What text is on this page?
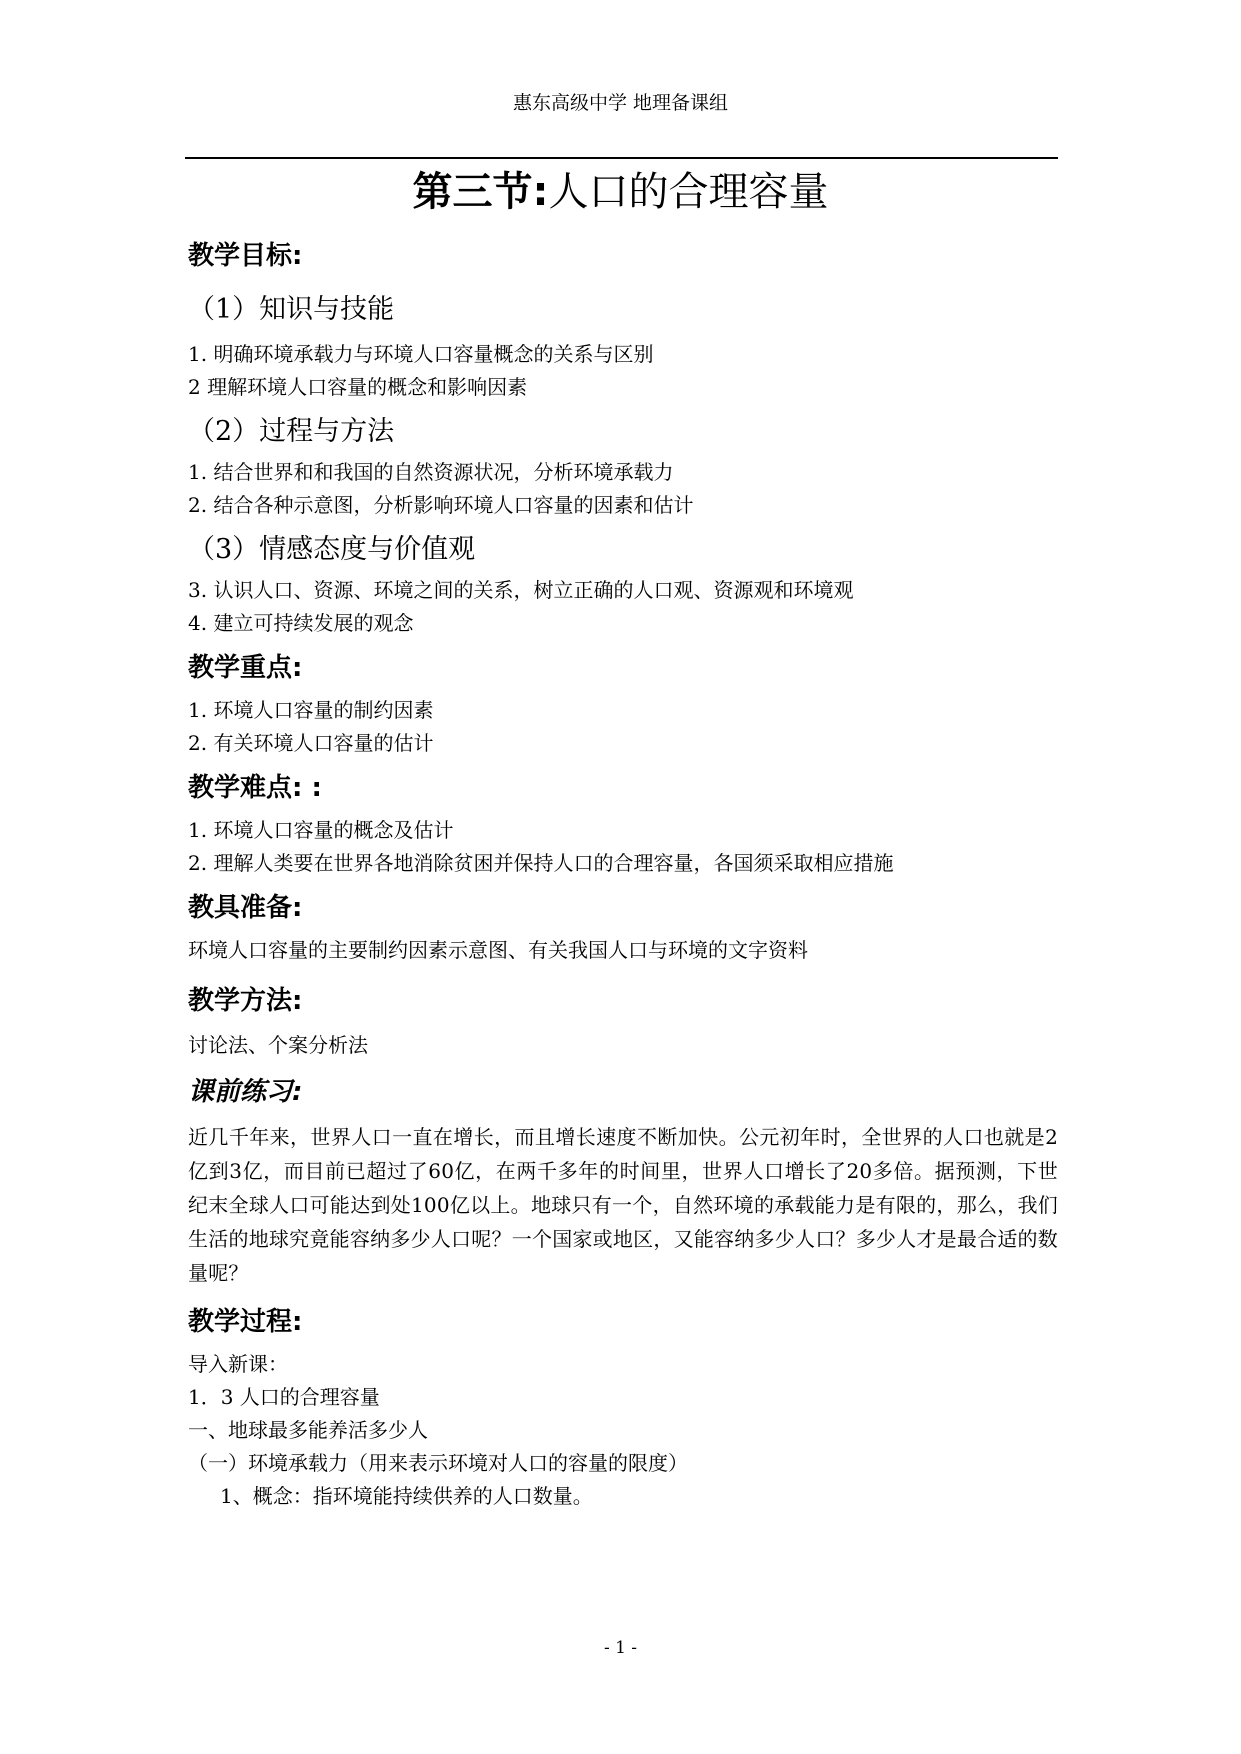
惠东高级中学 地理备课组
第三节:人口的合理容量
教学目标:
（1）知识与技能
1. 明确环境承载力与环境人口容量概念的关系与区别
2 理解环境人口容量的概念和影响因素
（2）过程与方法
1. 结合世界和和我国的自然资源状况，分析环境承载力
2. 结合各种示意图，分析影响环境人口容量的因素和估计
（3）情感态度与价值观
3. 认识人口、资源、环境之间的关系，树立正确的人口观、资源观和环境观
4. 建立可持续发展的观念
教学重点:
1. 环境人口容量的制约因素
2. 有关环境人口容量的估计
教学难点: :
1. 环境人口容量的概念及估计
2. 理解人类要在世界各地消除贫困并保持人口的合理容量，各国须采取相应措施
教具准备:
环境人口容量的主要制约因素示意图、有关我国人口与环境的文字资料
教学方法:
讨论法、个案分析法
课前练习:
近几千年来，世界人口一直在增长，而且增长速度不断加快。公元初年时，全世界的人口也就是2亿到3亿，而目前已超过了60亿，在两千多年的时间里，世界人口增长了20多倍。据预测，下世纪末全球人口可能达到处100亿以上。地球只有一个，自然环境的承载能力是有限的，那么，我们生活的地球究竟能容纳多少人口呢？一个国家或地区，又能容纳多少人口？多少人才是最合适的数量呢？
教学过程:
导入新课：
1．3 人口的合理容量
一、地球最多能养活多少人
（一）环境承载力（用来表示环境对人口的容量的限度）
1、概念：指环境能持续供养的人口数量。
- 1 -
